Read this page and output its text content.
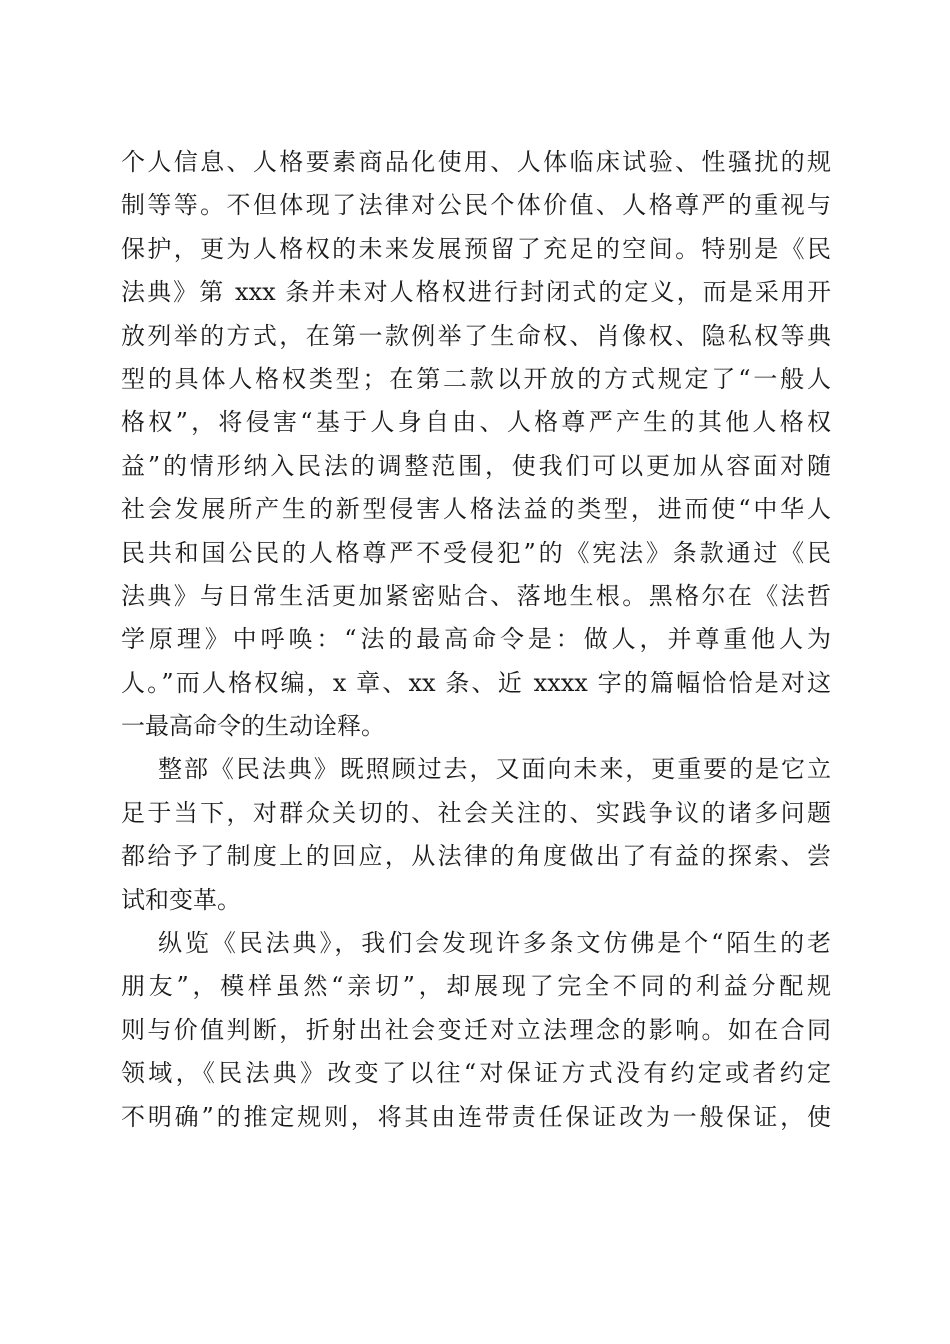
个人信息、人格要素商品化使用、人体临床试验、性骚扰的规
制等等。不但体现了法律对公民个体价值、人格尊严的重视与
保护，更为人格权的未来发展预留了充足的空间。特别是《民
法典》第 xxx 条并未对人格权进行封闭式的定义，而是采用开
放列举的方式，在第一款例举了生命权、肖像权、隐私权等典
型的具体人格权类型；在第二款以开放的方式规定了“一般人
格权”，将侵害“基于人身自由、人格尊严产生的其他人格权
益”的情形纳入民法的调整范围，使我们可以更加从容面对随
社会发展所产生的新型侵害人格法益的类型，进而使“中华人
民共和国公民的人格尊严不受侵犯”的《宪法》条款通过《民
法典》与日常生活更加紧密贴合、落地生根。黑格尔在《法哲
学原理》中呼唤：“法的最高命令是：做人，并尊重他人为
人。”而人格权编，x 章、xx 条、近 xxxx 字的篇幅恰恰是对这
一最高命令的生动诠释。
整部《民法典》既照顾过去，又面向未来，更重要的是它立
足于当下，对群众关切的、社会关注的、实践争议的诸多问题
都给予了制度上的回应，从法律的角度做出了有益的探索、尝
试和变革。
纵览《民法典》，我们会发现许多条文仿佛是个“陌生的老
朋友”，模样虽然“亲切”，却展现了完全不同的利益分配规
则与价值判断，折射出社会变迁对立法理念的影响。如在合同
领域，《民法典》改变了以往“对保证方式没有约定或者约定
不明确”的推定规则，将其由连带责任保证改为一般保证，使
